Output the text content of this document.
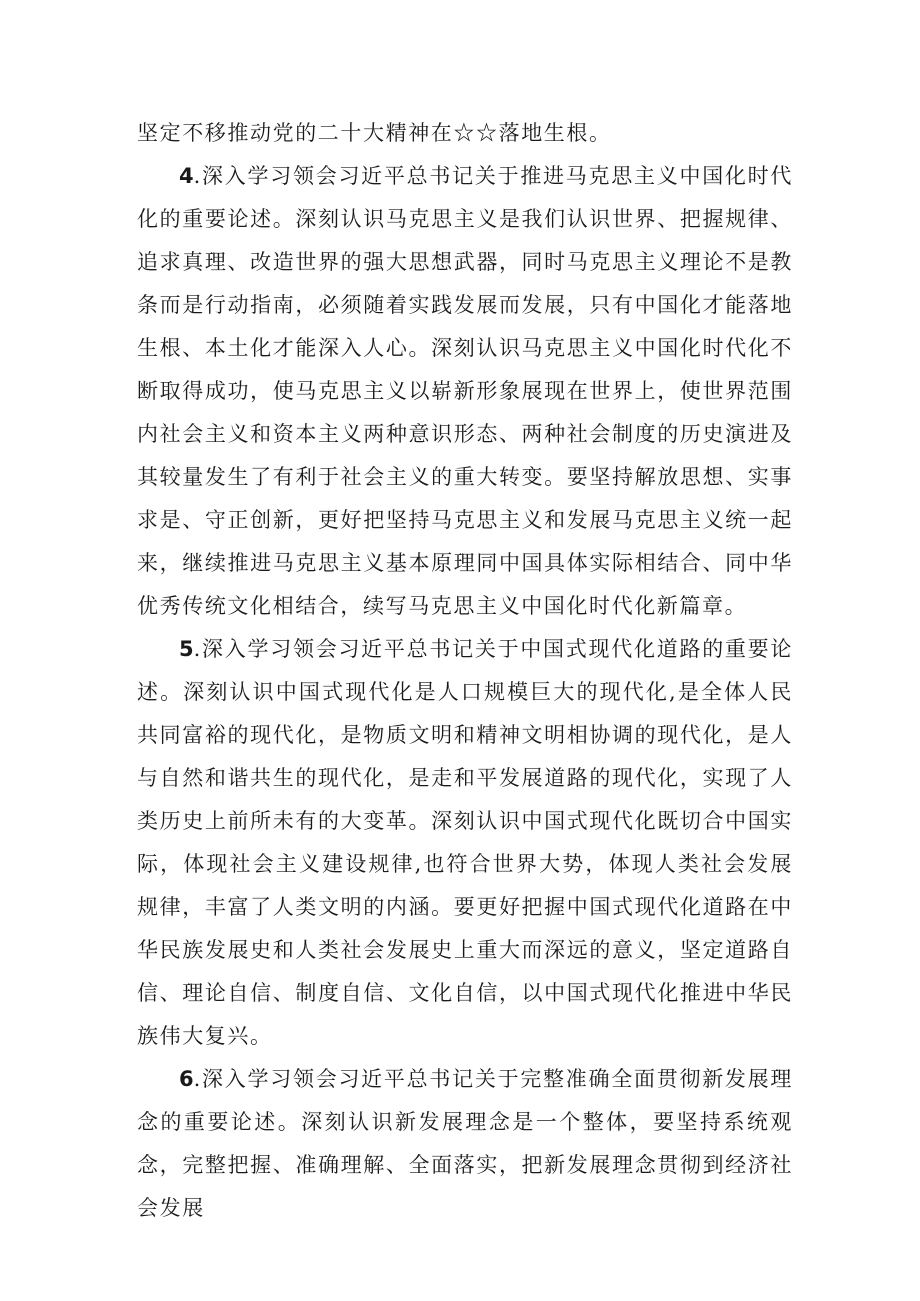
坚定不移推动党的二十大精神在☆☆落地生根。

4.深入学习领会习近平总书记关于推进马克思主义中国化时代化的重要论述。深刻认识马克思主义是我们认识世界、把握规律、追求真理、改造世界的强大思想武器，同时马克思主义理论不是教条而是行动指南，必须随着实践发展而发展，只有中国化才能落地生根、本土化才能深入人心。深刻认识马克思主义中国化时代化不断取得成功，使马克思主义以崭新形象展现在世界上，使世界范围内社会主义和资本主义两种意识形态、两种社会制度的历史演进及其较量发生了有利于社会主义的重大转变。要坚持解放思想、实事求是、守正创新，更好把坚持马克思主义和发展马克思主义统一起来，继续推进马克思主义基本原理同中国具体实际相结合、同中华优秀传统文化相结合，续写马克思主义中国化时代化新篇章。

5.深入学习领会习近平总书记关于中国式现代化道路的重要论述。深刻认识中国式现代化是人口规模巨大的现代化,是全体人民共同富裕的现代化，是物质文明和精神文明相协调的现代化，是人与自然和谐共生的现代化，是走和平发展道路的现代化，实现了人类历史上前所未有的大变革。深刻认识中国式现代化既切合中国实际，体现社会主义建设规律,也符合世界大势，体现人类社会发展规律，丰富了人类文明的内涵。要更好把握中国式现代化道路在中华民族发展史和人类社会发展史上重大而深远的意义，坚定道路自信、理论自信、制度自信、文化自信，以中国式现代化推进中华民族伟大复兴。

6.深入学习领会习近平总书记关于完整准确全面贯彻新发展理念的重要论述。深刻认识新发展理念是一个整体，要坚持系统观念，完整把握、准确理解、全面落实，把新发展理念贯彻到经济社会发展
